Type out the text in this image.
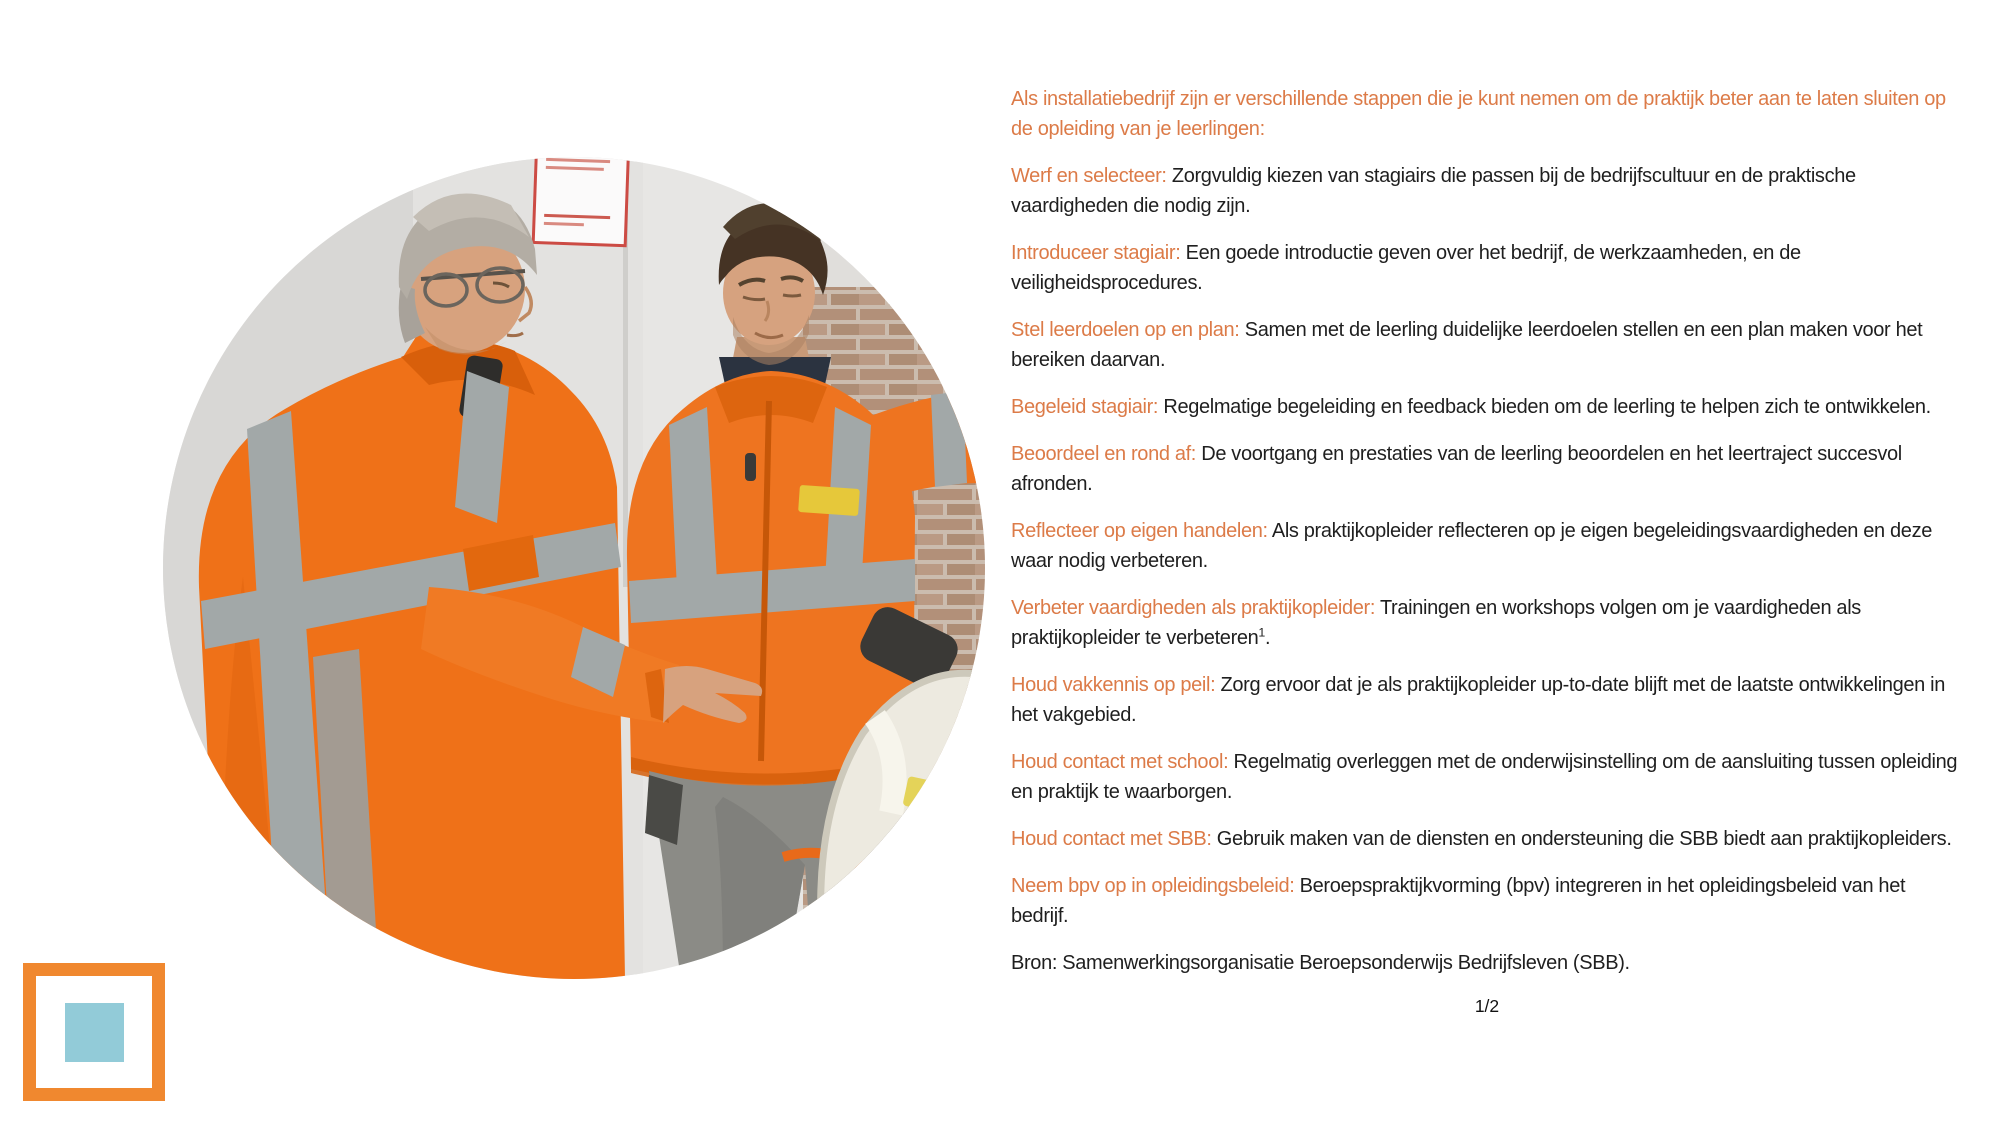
Als installatiebedrijf zijn er verschillende stappen die je kunt nemen om de praktijk beter aan te laten sluiten op de opleiding van je leerlingen:

Werf en selecteer: Zorgvuldig kiezen van stagiairs die passen bij de bedrijfscultuur en de praktische vaardigheden die nodig zijn.

Introduceer stagiair: Een goede introductie geven over het bedrijf, de werkzaamheden, en de veiligheidsprocedures.

Stel leerdoelen op en plan: Samen met de leerling duidelijke leerdoelen stellen en een plan maken voor het bereiken daarvan.

Begeleid stagiair: Regelmatige begeleiding en feedback bieden om de leerling te helpen zich te ontwikkelen.

Beoordeel en rond af: De voortgang en prestaties van de leerling beoordelen en het leertraject succesvol afronden.

Reflecteer op eigen handelen: Als praktijkopleider reflecteren op je eigen begeleidingsvaardigheden en deze waar nodig verbeteren.

Verbeter vaardigheden als praktijkopleider: Trainingen en workshops volgen om je vaardigheden als praktijkopleider te verbeteren$^1$.

Houd vakkennis op peil: Zorg ervoor dat je als praktijkopleider up-to-date blijft met de laatste ontwikkelingen in het vakgebied.

Houd contact met school: Regelmatig overleggen met de onderwijsinstelling om de aansluiting tussen opleiding en praktijk te waarborgen.

Houd contact met SBB: Gebruik maken van de diensten en ondersteuning die SBB biedt aan praktijkopleiders.

Neem bpv op in opleidingsbeleid: Beroepspraktijkvorming (bpv) integreren in het opleidingsbeleid van het bedrijf.

Bron: Samenwerkingsorganisatie Beroepsonderwijs Bedrijfsleven (SBB).

1/2
